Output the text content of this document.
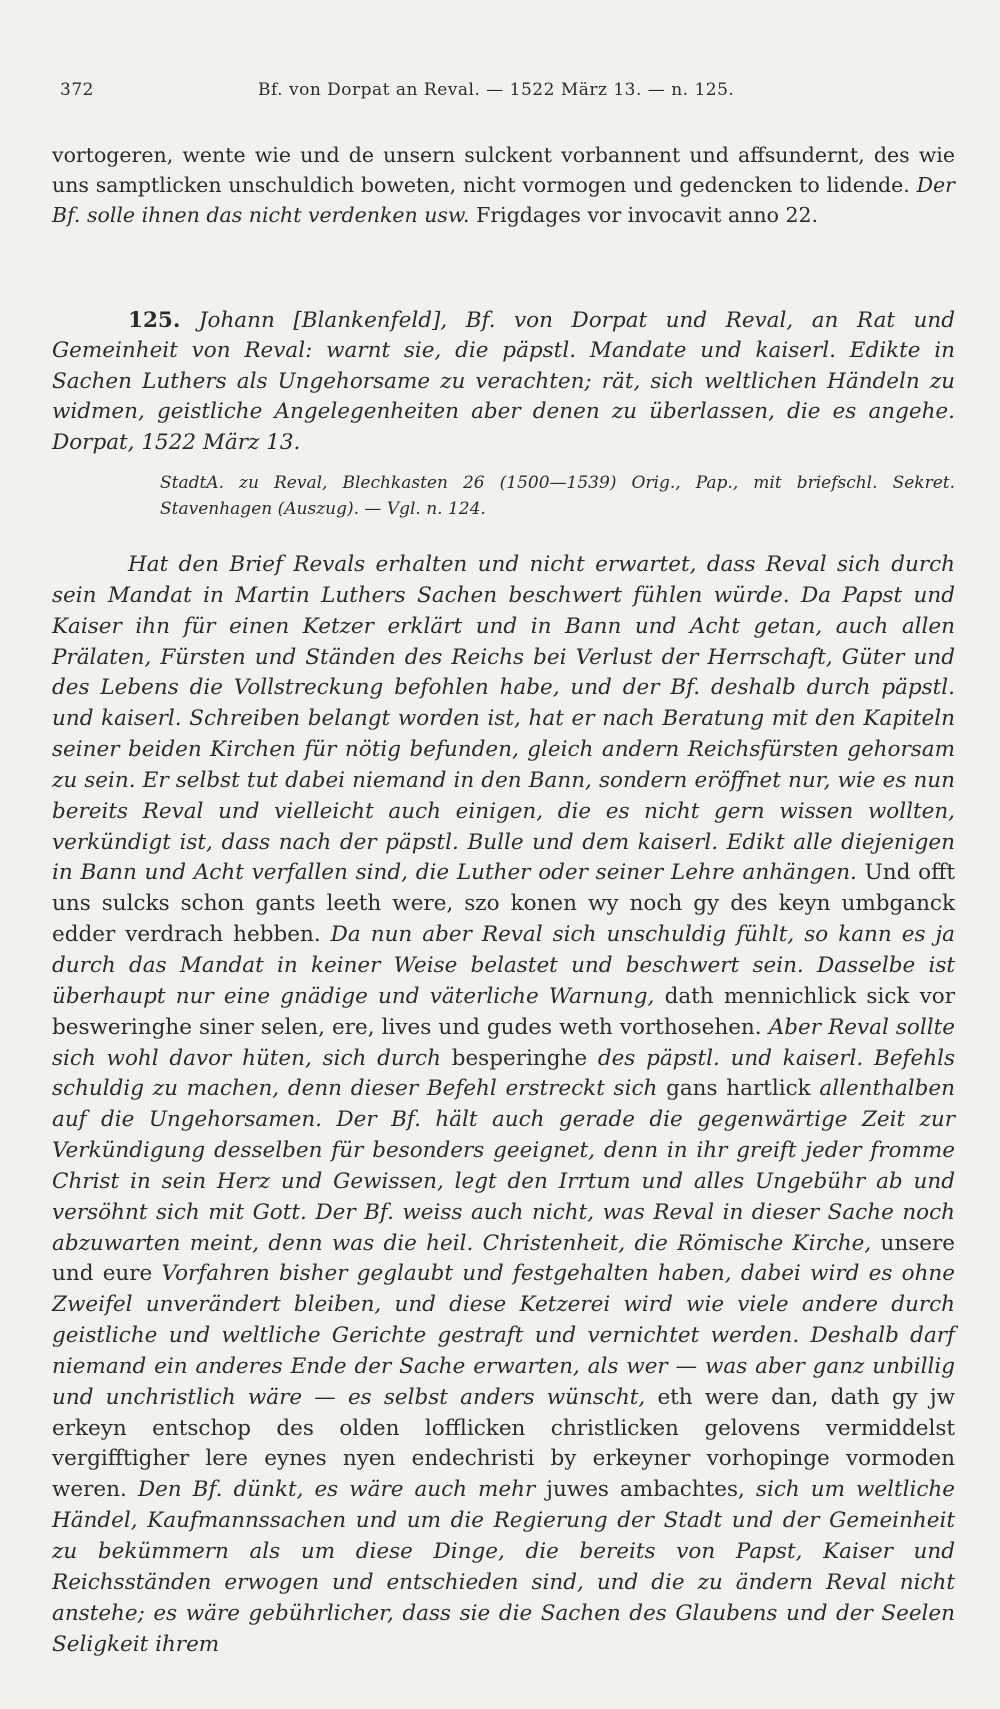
372	Bf. von Dorpat an Reval. — 1522 März 13. — n. 125.

vortogeren, wente wie und de unsern sulckent vorbannent und affsundernt, des wie uns samptlicken unschuldich boweten, nicht vormogen und gedencken to lidende. Der Bf. solle ihnen das nicht verdenken usw. Frigdages vor invocavit anno 22.

125. Johann [Blankenfeld], Bf. von Dorpat und Reval, an Rat und Gemeinheit von Reval: warnt sie, die päpstl. Mandate und kaiserl. Edikte in Sachen Luthers als Ungehorsame zu verachten; rät, sich weltlichen Händeln zu widmen, geistliche Angelegenheiten aber denen zu überlassen, die es angehe. Dorpat, 1522 März 13.

StadtA. zu Reval, Blechkasten 26 (1500—1539) Orig., Pap., mit briefschl. Sekret. Stavenhagen (Auszug). — Vgl. n. 124.

Hat den Brief Revals erhalten und nicht erwartet, dass Reval sich durch sein Mandat in Martin Luthers Sachen beschwert fühlen würde. Da Papst und Kaiser ihn für einen Ketzer erklärt und in Bann und Acht getan, auch allen Prälaten, Fürsten und Ständen des Reichs bei Verlust der Herrschaft, Güter und des Lebens die Vollstreckung befohlen habe, und der Bf. deshalb durch päpstl. und kaiserl. Schreiben belangt worden ist, hat er nach Beratung mit den Kapiteln seiner beiden Kirchen für nötig befunden, gleich andern Reichsfürsten gehorsam zu sein. Er selbst tut dabei niemand in den Bann, sondern eröffnet nur, wie es nun bereits Reval und vielleicht auch einigen, die es nicht gern wissen wollten, verkündigt ist, dass nach der päpstl. Bulle und dem kaiserl. Edikt alle diejenigen in Bann und Acht verfallen sind, die Luther oder seiner Lehre anhängen. Und offt uns sulcks schon gants leeth were, szo konen wy noch gy des keyn umbganck edder verdrach hebben. Da nun aber Reval sich unschuldig fühlt, so kann es ja durch das Mandat in keiner Weise belastet und beschwert sein. Dasselbe ist überhaupt nur eine gnädige und väterliche Warnung, dath mennichlick sick vor besweringhe siner selen, ere, lives und gudes weth vorthosehen. Aber Reval sollte sich wohl davor hüten, sich durch besperinghe des päpstl. und kaiserl. Befehls schuldig zu machen, denn dieser Befehl erstreckt sich gans hartlick allenthalben auf die Ungehorsamen. Der Bf. hält auch gerade die gegenwärtige Zeit zur Verkündigung desselben für besonders geeignet, denn in ihr greift jeder fromme Christ in sein Herz und Gewissen, legt den Irrtum und alles Ungebühr ab und versöhnt sich mit Gott. Der Bf. weiss auch nicht, was Reval in dieser Sache noch abzuwarten meint, denn was die heil. Christenheit, die Römische Kirche, unsere und eure Vorfahren bisher geglaubt und festgehalten haben, dabei wird es ohne Zweifel unverändert bleiben, und diese Ketzerei wird wie viele andere durch geistliche und weltliche Gerichte gestraft und vernichtet werden. Deshalb darf niemand ein anderes Ende der Sache erwarten, als wer — was aber ganz unbillig und unchristlich wäre — es selbst anders wünscht, eth were dan, dath gy jw erkeyn entschop des olden lofflicken christlicken gelovens vermiddelst vergifftigher lere eynes nyen endechristi by erkeyner vorhopinge vormoden weren. Den Bf. dünkt, es wäre auch mehr juwes ambachtes, sich um weltliche Händel, Kaufmannssachen und um die Regierung der Stadt und der Gemeinheit zu bekümmern als um diese Dinge, die bereits von Papst, Kaiser und Reichsständen erwogen und entschieden sind, und die zu ändern Reval nicht anstehe; es wäre gebührlicher, dass sie die Sachen des Glaubens und der Seelen Seligkeit ihrem
